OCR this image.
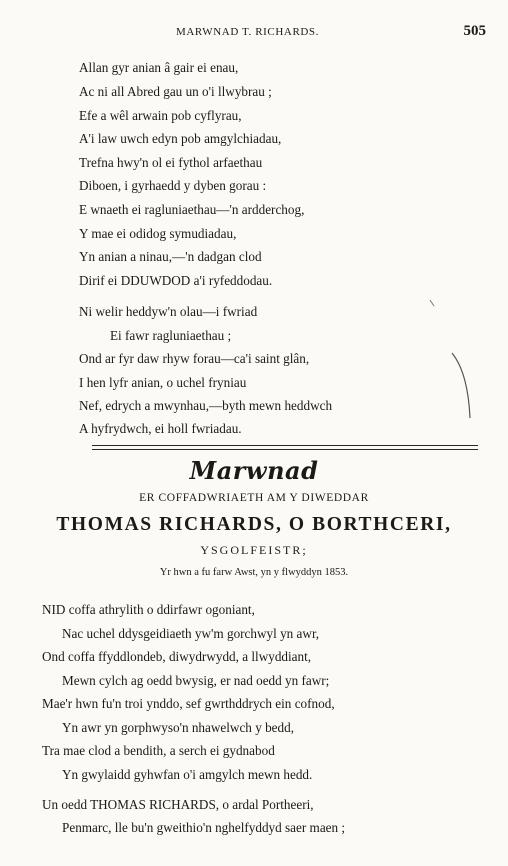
MARWNAD T. RICHARDS.	505
Allan gyr anian â gair ei enau,
Ac ni all Abred gau un o'i llwybrau ;
Efe a wêl arwain pob cyflyrau,
A'i law uwch edyn pob amgylchiadau,
Trefna hwy'n ol ei fythol arfaethau
Diboen, i gyrhaedd y dyben gorau :
E wnaeth ei ragluniaethau—'n ardderchog,
Y mae ei odidog symudiadau,
Yn anian a ninau,—'n dadgan clod
Dirif ei DDUWDOD a'i ryfeddodau.
Ni welir heddyw'n olau—i fwriad
Ei fawr ragluniaethau ;
Ond ar fyr daw rhyw forau—ca'i saint glân,
I hen lyfr anian, o uchel fryniau
Nef, edrych a mwynhau,—byth mewn heddwch
A hyfrydwch, ei holl fwriadau.
Marwnad
ER COFFADWRIAETH AM Y DIWEDDAR
THOMAS RICHARDS, O BORTHCERI,
YSGOLFEISTR;
Yr hwn a fu farw Awst, yn y flwyddyn 1853.
NID coffa athrylith o ddirfawr ogoniant,
Nac uchel ddysgeidiaeth yw'm gorchwyl yn awr,
Ond coffa ffyddlondeb, diwydrwydd, a llwyddiant,
Mewn cylch ag oedd bwysig, er nad oedd yn fawr;
Mae'r hwn fu'n troi ynddo, sef gwrthddrych ein cofnod,
Yn awr yn gorphwyso'n nhawelwch y bedd,
Tra mae clod a bendith, a serch ei gydnabod
Yn gwylaidd gyhwfan o'i amgylch mewn hedd.
Un oedd THOMAS RICHARDS, o ardal Portheeri,
Penmarc, lle bu'n gweithio'n nghelfyddyd saer maen ;
